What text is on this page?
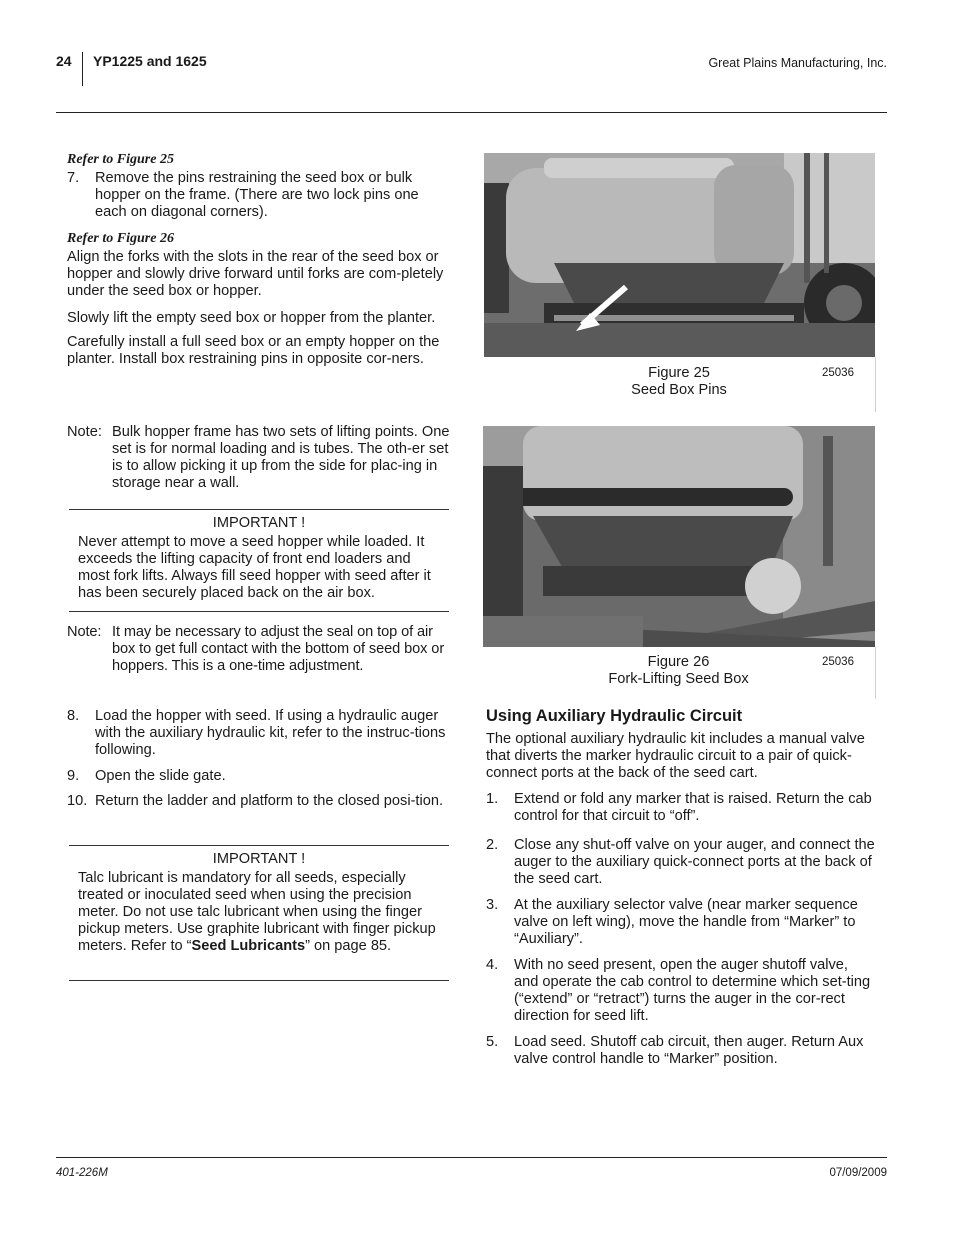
24 YP1225 and 1625	Great Plains Manufacturing, Inc.
Refer to Figure 25
7.	Remove the pins restraining the seed box or bulk hopper on the frame. (There are two lock pins one each on diagonal corners).
Refer to Figure 26

Align the forks with the slots in the rear of the seed box or hopper and slowly drive forward until forks are com-pletely under the seed box or hopper.

Slowly lift the empty seed box or hopper from the planter.

Carefully install a full seed box or an empty hopper on the planter. Install box restraining pins in opposite cor-ners.

Note: Bulk hopper frame has two sets of lifting points. One set is for normal loading and is tubes. The oth-er set is to allow picking it up from the side for plac-ing in storage near a wall.
IMPORTANT !
Never attempt to move a seed hopper while loaded. It exceeds the lifting capacity of front end loaders and most fork lifts. Always fill seed hopper with seed after it has been securely placed back on the air box.
Note: It may be necessary to adjust the seal on top of air box to get full contact with the bottom of seed box or hoppers. This is a one-time adjustment.
8.	Load the hopper with seed. If using a hydraulic auger with the auxiliary hydraulic kit, refer to the instruc-tions following.
9.	Open the slide gate.
10. Return the ladder and platform to the closed posi-tion.
IMPORTANT !
Talc lubricant is mandatory for all seeds, especially treated or inoculated seed when using the precision meter. Do not use talc lubricant when using the finger pickup meters. Use graphite lubricant with finger pickup meters. Refer to “Seed Lubricants” on page 85.
Figure 25
Seed Box Pins
25036
Figure 26
Fork-Lifting Seed Box
25036
Using Auxiliary Hydraulic Circuit

The optional auxiliary hydraulic kit includes a manual valve that diverts the marker hydraulic circuit to a pair of quick-connect ports at the back of the seed cart.

1.	Extend or fold any marker that is raised. Return the cab control for that circuit to “off”.
2.	Close any shut-off valve on your auger, and connect the auger to the auxiliary quick-connect ports at the back of the seed cart.
3.	At the auxiliary selector valve (near marker sequence valve on left wing), move the handle from “Marker” to “Auxiliary”.
4.	With no seed present, open the auger shutoff valve, and operate the cab control to determine which set-ting (“extend” or “retract”) turns the auger in the cor-rect direction for seed lift.
5.	Load seed. Shutoff cab circuit, then auger. Return Aux valve control handle to “Marker” position.
401-226M	07/09/2009
